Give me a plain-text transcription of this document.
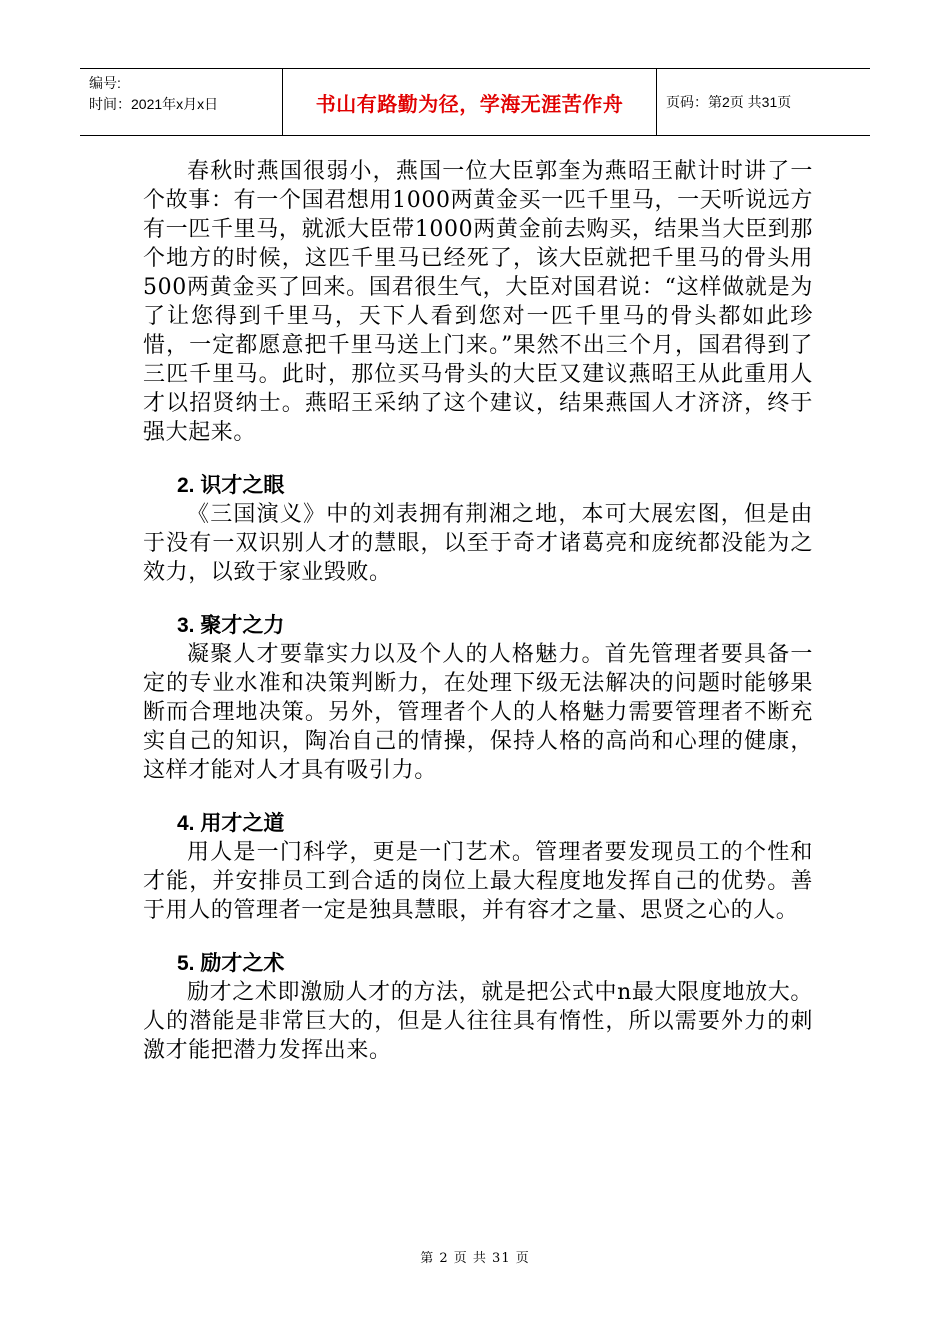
编号:
时间：2021年x月x日	书山有路勤为径，学海无涯苦作舟	页码：第2页 共31页

春秋时燕国很弱小，燕国一位大臣郭奎为燕昭王献计时讲了一个故事：有一个国君想用1000两黄金买一匹千里马，一天听说远方有一匹千里马，就派大臣带1000两黄金前去购买，结果当大臣到那个地方的时候，这匹千里马已经死了，该大臣就把千里马的骨头用500两黄金买了回来。国君很生气，大臣对国君说：“这样做就是为了让您得到千里马，天下人看到您对一匹千里马的骨头都如此珍惜，一定都愿意把千里马送上门来。”果然不出三个月，国君得到了三匹千里马。此时，那位买马骨头的大臣又建议燕昭王从此重用人才以招贤纳士。燕昭王采纳了这个建议，结果燕国人才济济，终于强大起来。

2. 识才之眼

《三国演义》中的刘表拥有荆湘之地，本可大展宏图，但是由于没有一双识别人才的慧眼，以至于奇才诸葛亮和庞统都没能为之效力，以致于家业毁败。

3. 聚才之力

凝聚人才要靠实力以及个人的人格魅力。首先管理者要具备一定的专业水准和决策判断力，在处理下级无法解决的问题时能够果断而合理地决策。另外，管理者个人的人格魅力需要管理者不断充实自己的知识，陶冶自己的情操，保持人格的高尚和心理的健康，这样才能对人才具有吸引力。

4. 用才之道

用人是一门科学，更是一门艺术。管理者要发现员工的个性和才能，并安排员工到合适的岗位上最大程度地发挥自己的优势。善于用人的管理者一定是独具慧眼，并有容才之量、思贤之心的人。

5. 励才之术

励才之术即激励人才的方法，就是把公式中n最大限度地放大。人的潜能是非常巨大的，但是人往往具有惰性，所以需要外力的刺激才能把潜力发挥出来。

第 2 页 共 31 页
